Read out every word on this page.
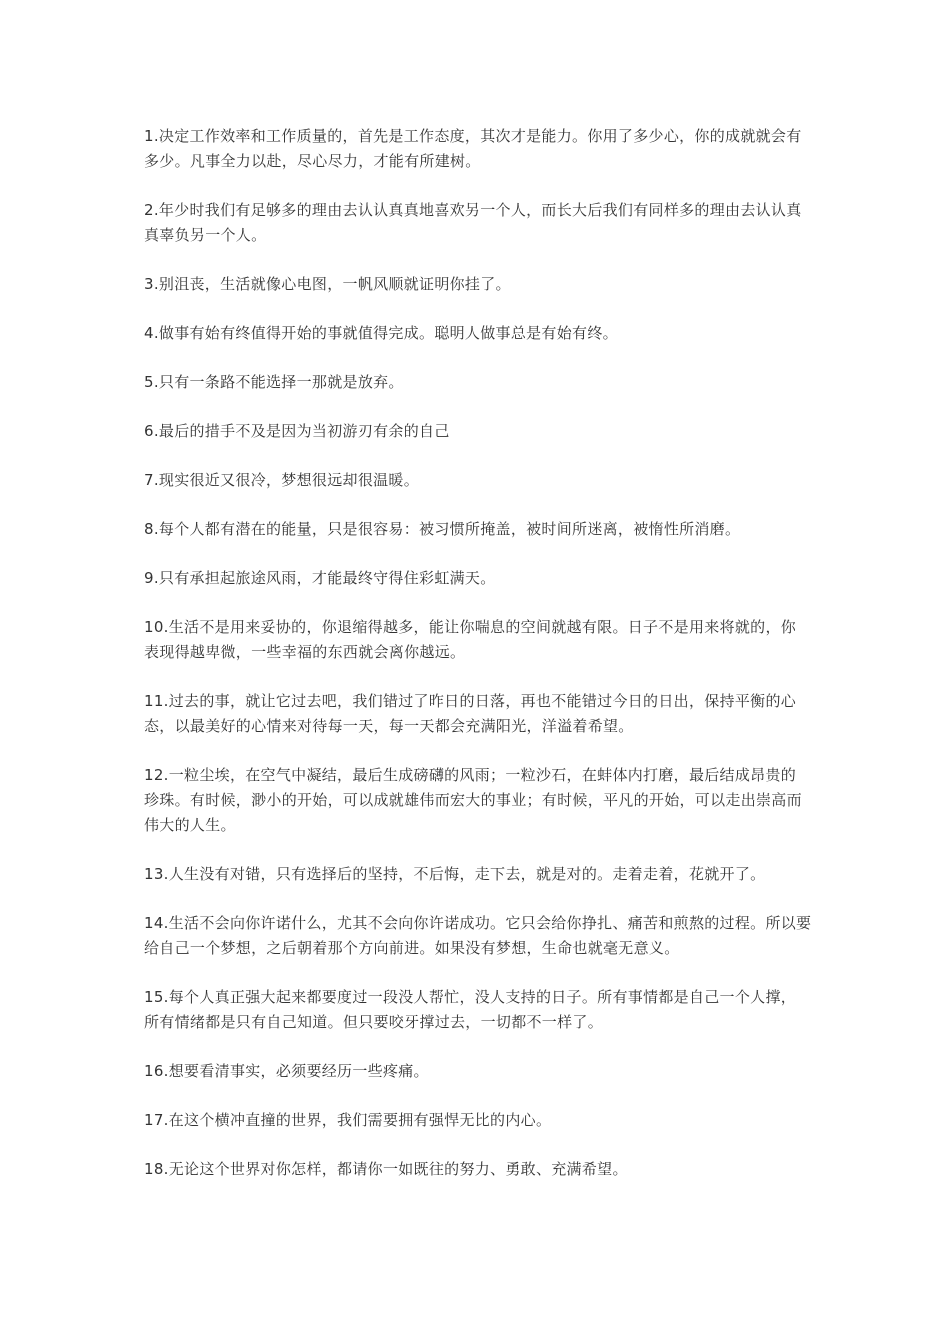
1.决定工作效率和工作质量的，首先是工作态度，其次才是能力。你用了多少心，你的成就就会有多少。凡事全力以赴，尽心尽力，才能有所建树。

2.年少时我们有足够多的理由去认认真真地喜欢另一个人，而长大后我们有同样多的理由去认认真真辜负另一个人。

3.别沮丧，生活就像心电图，一帆风顺就证明你挂了。

4.做事有始有终值得开始的事就值得完成。聪明人做事总是有始有终。

5.只有一条路不能选择一那就是放弃。

6.最后的措手不及是因为当初游刃有余的自己

7.现实很近又很冷，梦想很远却很温暖。

8.每个人都有潜在的能量，只是很容易：被习惯所掩盖，被时间所迷离，被惰性所消磨。

9.只有承担起旅途风雨，才能最终守得住彩虹满天。

10.生活不是用来妥协的，你退缩得越多，能让你喘息的空间就越有限。日子不是用来将就的，你表现得越卑微，一些幸福的东西就会离你越远。

11.过去的事，就让它过去吧，我们错过了昨日的日落，再也不能错过今日的日出，保持平衡的心态，以最美好的心情来对待每一天，每一天都会充满阳光，洋溢着希望。

12.一粒尘埃，在空气中凝结，最后生成磅礴的风雨；一粒沙石，在蚌体内打磨，最后结成昂贵的珍珠。有时候，渺小的开始，可以成就雄伟而宏大的事业；有时候，平凡的开始，可以走出崇高而伟大的人生。

13.人生没有对错，只有选择后的坚持，不后悔，走下去，就是对的。走着走着，花就开了。

14.生活不会向你许诺什么，尤其不会向你许诺成功。它只会给你挣扎、痛苦和煎熬的过程。所以要给自己一个梦想，之后朝着那个方向前进。如果没有梦想，生命也就毫无意义。

15.每个人真正强大起来都要度过一段没人帮忙，没人支持的日子。所有事情都是自己一个人撑，所有情绪都是只有自己知道。但只要咬牙撑过去，一切都不一样了。

16.想要看清事实，必须要经历一些疼痛。

17.在这个横冲直撞的世界，我们需要拥有强悍无比的内心。

18.无论这个世界对你怎样，都请你一如既往的努力、勇敢、充满希望。
